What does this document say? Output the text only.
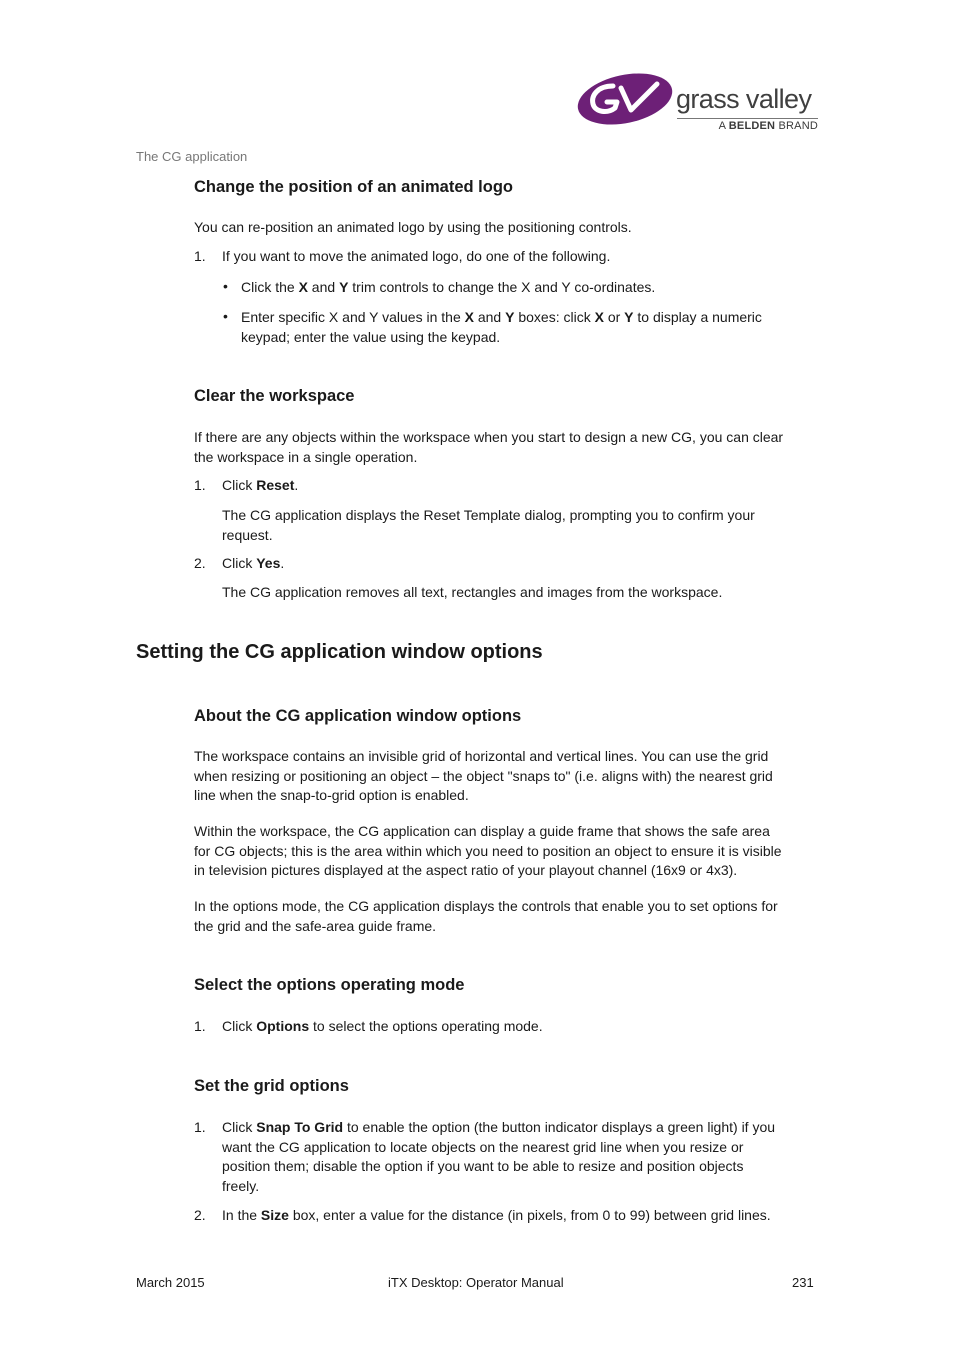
grass valley
A BELDEN BRAND
The CG application
Change the position of an animated logo

You can re-position an animated logo by using the positioning controls.

1. If you want to move the animated logo, do one of the following.

• Click the X and Y trim controls to change the X and Y co-ordinates.

• Enter specific X and Y values in the X and Y boxes: click X or Y to display a numeric
keypad; enter the value using the keypad.

Clear the workspace

If there are any objects within the workspace when you start to design a new CG, you can clear
the workspace in a single operation.

1. Click Reset.

The CG application displays the Reset Template dialog, prompting you to confirm your
request.

2. Click Yes.

The CG application removes all text, rectangles and images from the workspace.

Setting the CG application window options
About the CG application window options

The workspace contains an invisible grid of horizontal and vertical lines. You can use the grid
when resizing or positioning an object – the object "snaps to" (i.e. aligns with) the nearest grid
line when the snap-to-grid option is enabled.

Within the workspace, the CG application can display a guide frame that shows the safe area
for CG objects; this is the area within which you need to position an object to ensure it is visible
in television pictures displayed at the aspect ratio of your playout channel (16x9 or 4x3).

In the options mode, the CG application displays the controls that enable you to set options for
the grid and the safe-area guide frame.

Select the options operating mode
1. Click Options to select the options operating mode.

Set the grid options
1. Click Snap To Grid to enable the option (the button indicator displays a green light) if you
want the CG application to locate objects on the nearest grid line when you resize or
position them; disable the option if you want to be able to resize and position objects
freely.

2. In the Size box, enter a value for the distance (in pixels, from 0 to 99) between grid lines.

March 2015	iTX Desktop: Operator Manual	231
